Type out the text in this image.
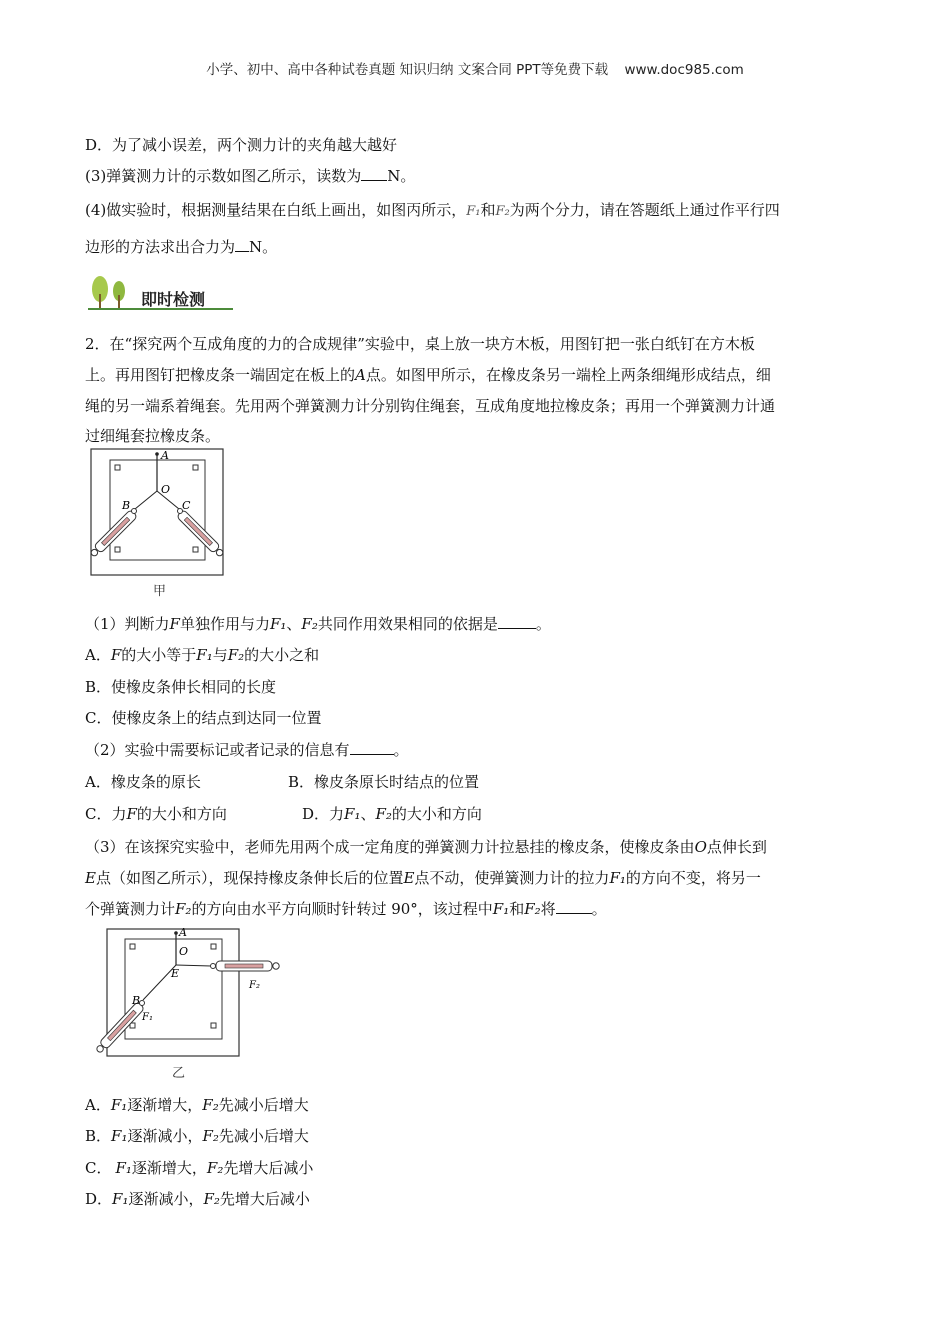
小学、初中、高中各种试卷真题 知识归纳 文案合同 PPT等免费下载 www.doc985.com
D．为了减小误差，两个测力计的夹角越大越好
(3)弹簧测力计的示数如图乙所示，读数为 N。
(4)做实验时，根据测量结果在白纸上画出，如图丙所示，F₁和F₂为两个分力，请在答题纸上通过作平行四
边形的方法求出合力为 N。
即时检测
2．在“探究两个互成角度的力的合成规律”实验中，桌上放一块方木板，用图钉把一张白纸钉在方木板
上。再用图钉把橡皮条一端固定在板上的A点。如图甲所示，在橡皮条另一端栓上两条细绳形成结点，细
绳的另一端系着绳套。先用两个弹簧测力计分别钩住绳套，互成角度地拉橡皮条；再用一个弹簧测力计通
过细绳套拉橡皮条。
A
O
B	C
甲
（1）判断力F单独作用与力F₁、F₂共同作用效果相同的依据是	。
A．F的大小等于F₁与F₂的大小之和
B．使橡皮条伸长相同的长度
C．使橡皮条上的结点到达同一位置
（2）实验中需要标记或者记录的信息有	。
A．橡皮条的原长	B．橡皮条原长时结点的位置
C．力F的大小和方向	D．力F₁、F₂的大小和方向
（3）在该探究实验中，老师先用两个成一定角度的弹簧测力计拉悬挂的橡皮条，使橡皮条由O点伸长到
E点（如图乙所示），现保持橡皮条伸长后的位置E点不动，使弹簧测力计的拉力F₁的方向不变，将另一
个弹簧测力计F₂的方向由水平方向顺时针转过 90°，该过程中F₁和F₂将 。
A
O
E
B
F₁
F₂
乙
A．F₁逐渐增大，F₂先减小后增大
B．F₁逐渐减小，F₂先减小后增大
C． F₁逐渐增大，F₂先增大后减小
D．F₁逐渐减小，F₂先增大后减小
